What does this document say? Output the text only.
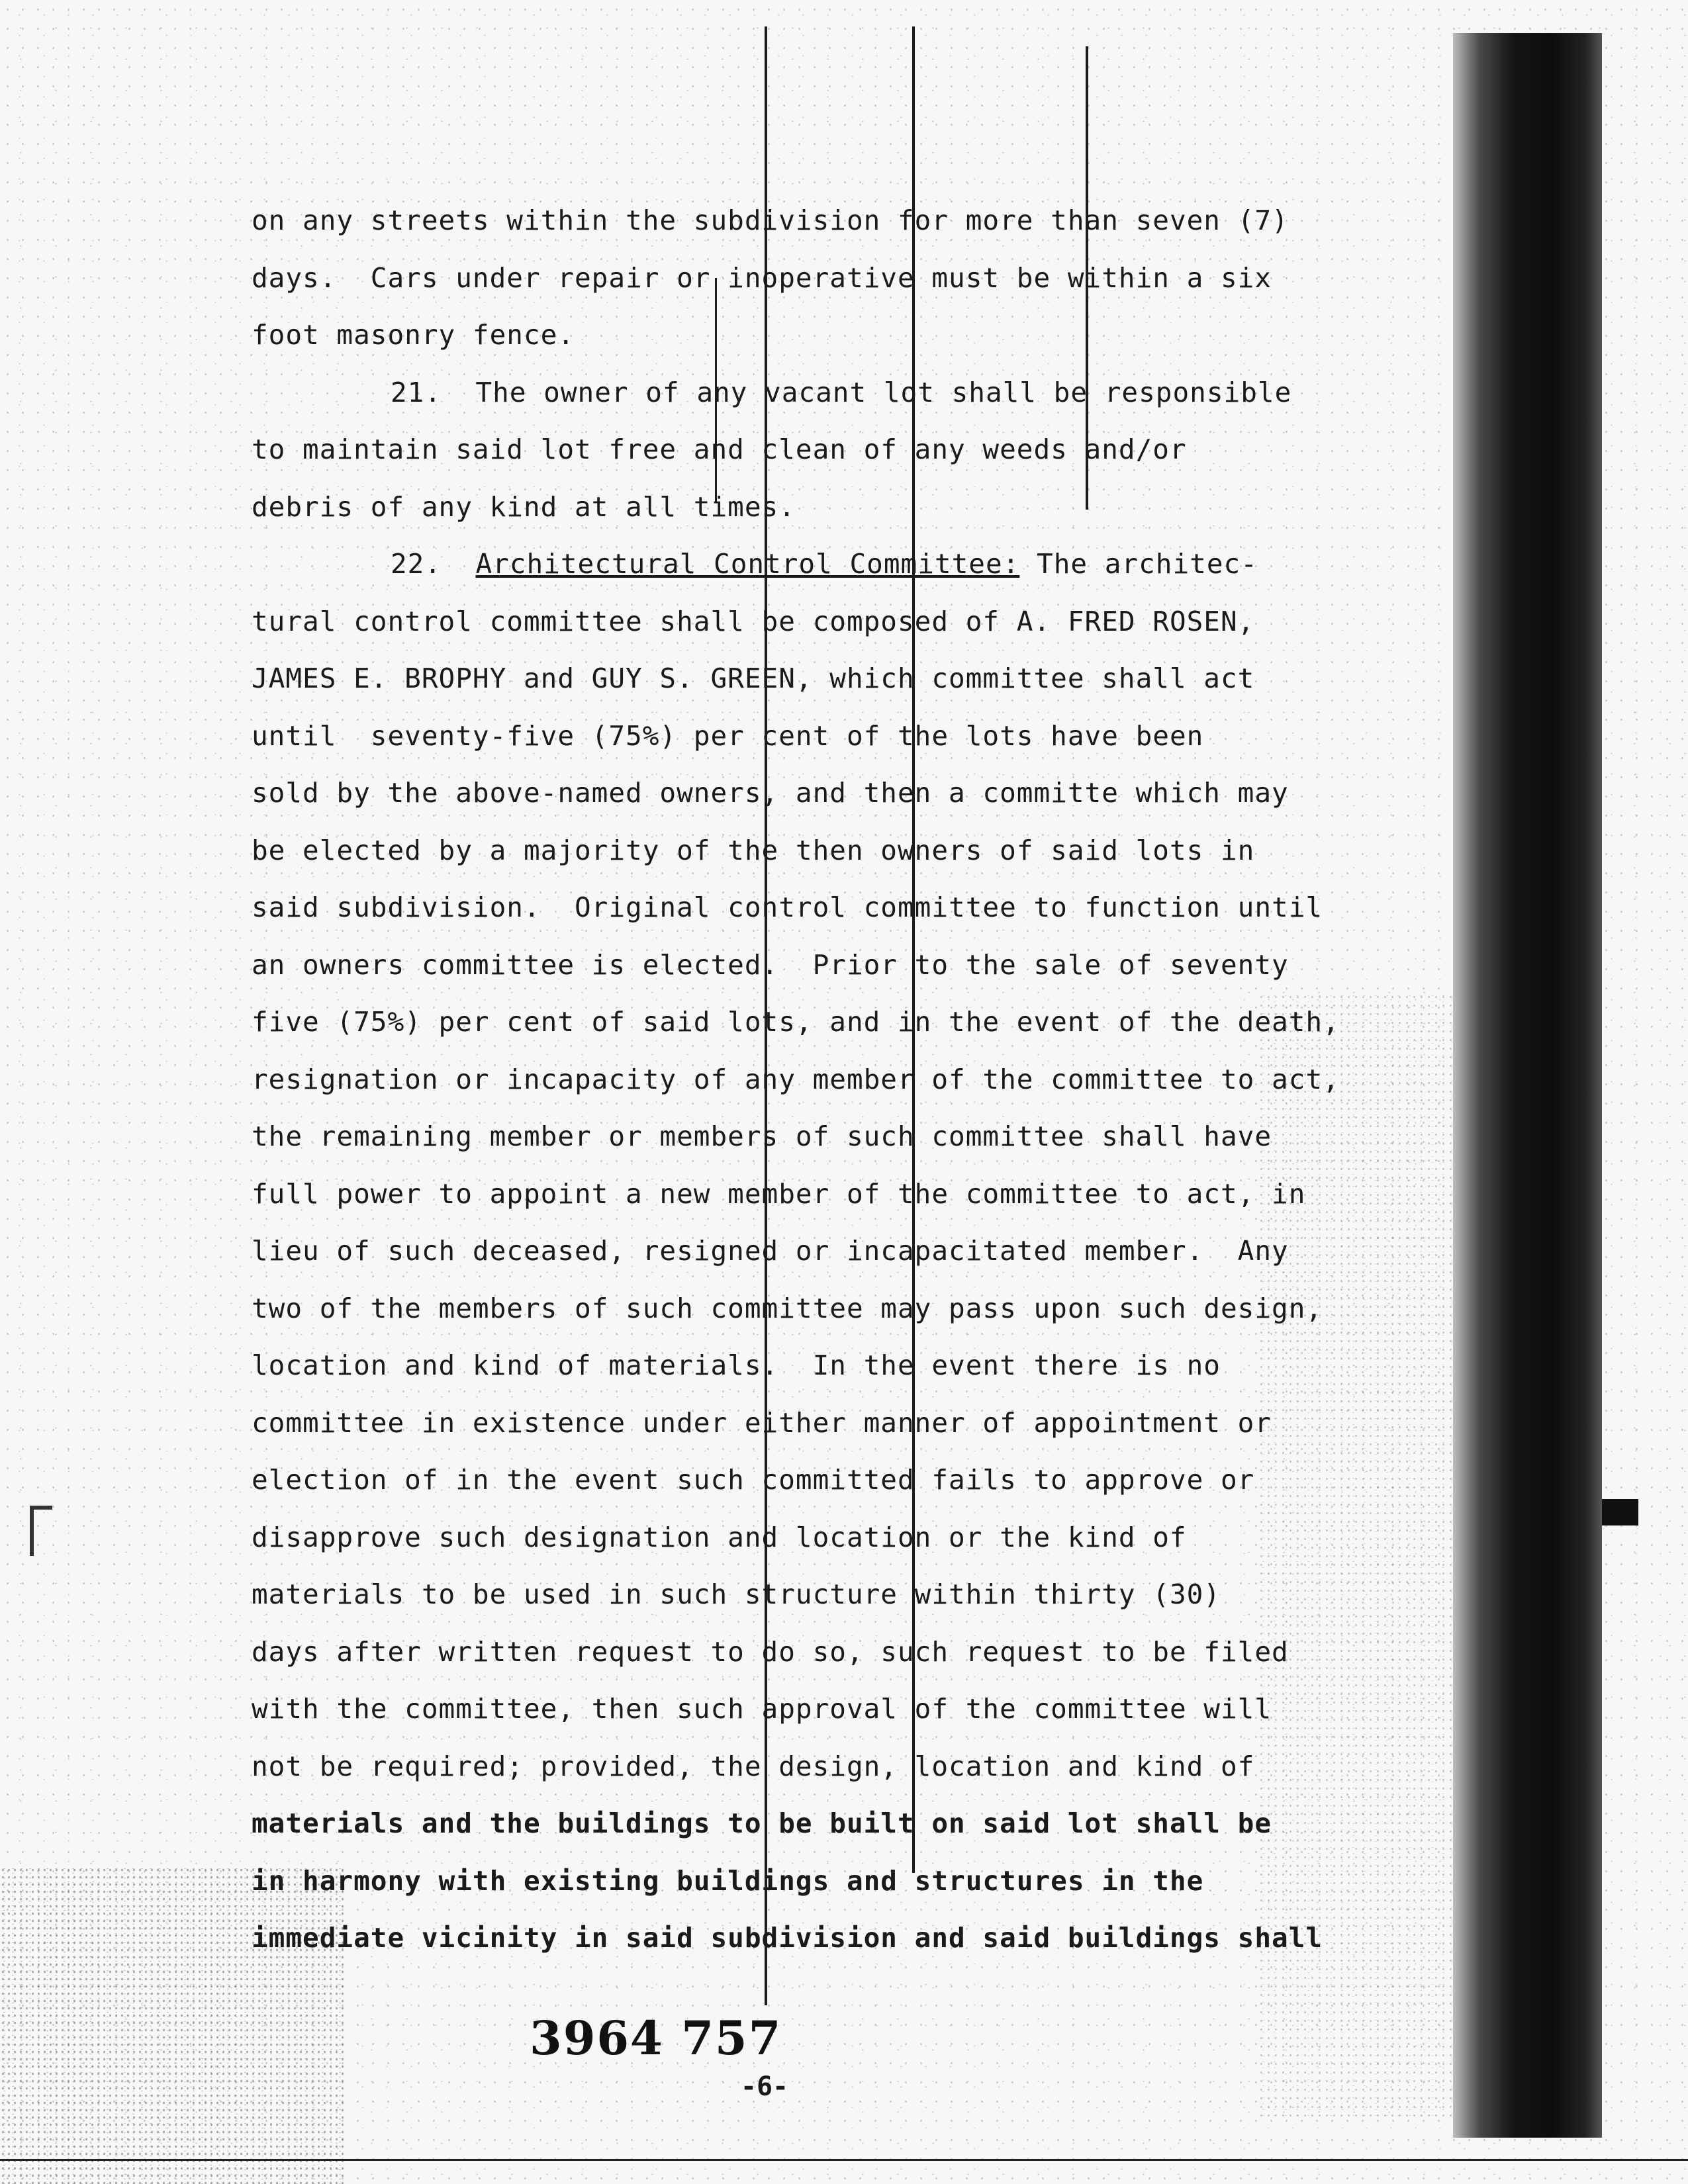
on any streets within the subdivision for more than seven (7)
days.  Cars under repair or inoperative must be within a six
foot masonry fence.
21.  The owner of any vacant lot shall be responsible
to maintain said lot free and clean of any weeds and/or
debris of any kind at all times.
22. Architectural Control Committee: The architec-
tural control committee shall be composed of A. FRED ROSEN,
JAMES E. BROPHY and GUY S. GREEN, which committee shall act
until  seventy-five (75%) per cent of the lots have been
sold by the above-named owners, and then a committe which may
be elected by a majority of the then owners of said lots in
said subdivision.  Original control committee to function until
an owners committee is elected.  Prior to the sale of seventy
five (75%) per cent of said lots, and in the event of the death,
resignation or incapacity of any member of the committee to act,
the remaining member or members of such committee shall have
full power to appoint a new member of the committee to act, in
lieu of such deceased, resigned or incapacitated member.  Any
two of the members of such committee may pass upon such design,
location and kind of materials.  In the event there is no
committee in existence under either manner of appointment or
election of in the event such committed fails to approve or
disapprove such designation and location or the kind of
materials to be used in such structure within thirty (30)
days after written request to do so, such request to be filed
with the committee, then such approval of the committee will
not be required; provided, the design, location and kind of
materials and the buildings to be built on said lot shall be
in harmony with existing buildings and structures in the
immediate vicinity in said subdivision and said buildings shall
3964 757
-6-
